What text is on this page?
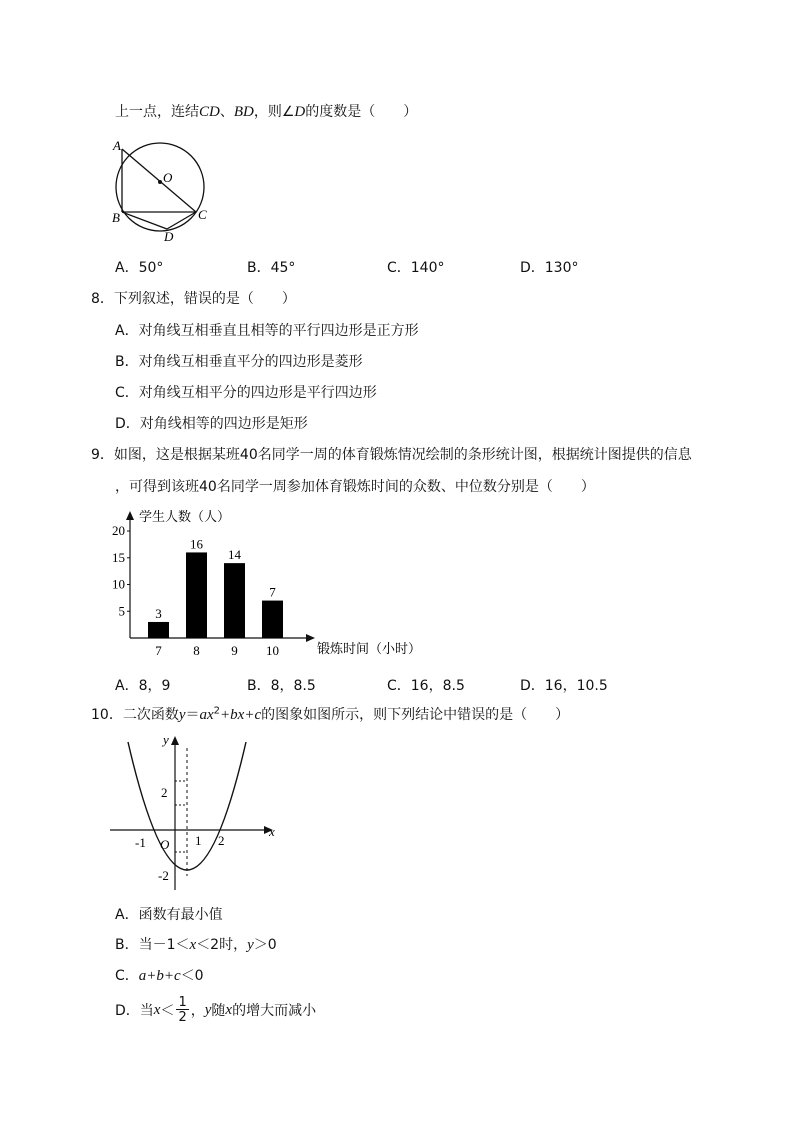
上一点，连结CD、BD，则∠D的度数是（　　）
A
O
B	C
D
A．50°	B．45°	C．140°	D．130°
8．下列叙述，错误的是（　　）
A．对角线互相垂直且相等的平行四边形是正方形
B．对角线互相垂直平分的四边形是菱形
C．对角线互相平分的四边形是平行四边形
D．对角线相等的四边形是矩形
9．如图，这是根据某班40名同学一周的体育锻炼情况绘制的条形统计图，根据统计图提供的信息
，可得到该班40名同学一周参加体育锻炼时间的众数、中位数分别是（　　）
学生人数（人）
锻炼时间（小时）
5
10
15
20
3
7
16
8
14
9
7
10
A．8，9	B．8，8.5	C．16，8.5	D．16，10.5
10．二次函数$y=ax^2+bx+c$的图象如图所示，则下列结论中错误的是（　　）
y
x
O
2
-1	1 2
-2
A．函数有最小值
B．当－1＜x＜2时，y＞0
C．a+b+c＜0
D．当 $x < \frac{1}{2}$ ， y 随 x 的增大而减小
